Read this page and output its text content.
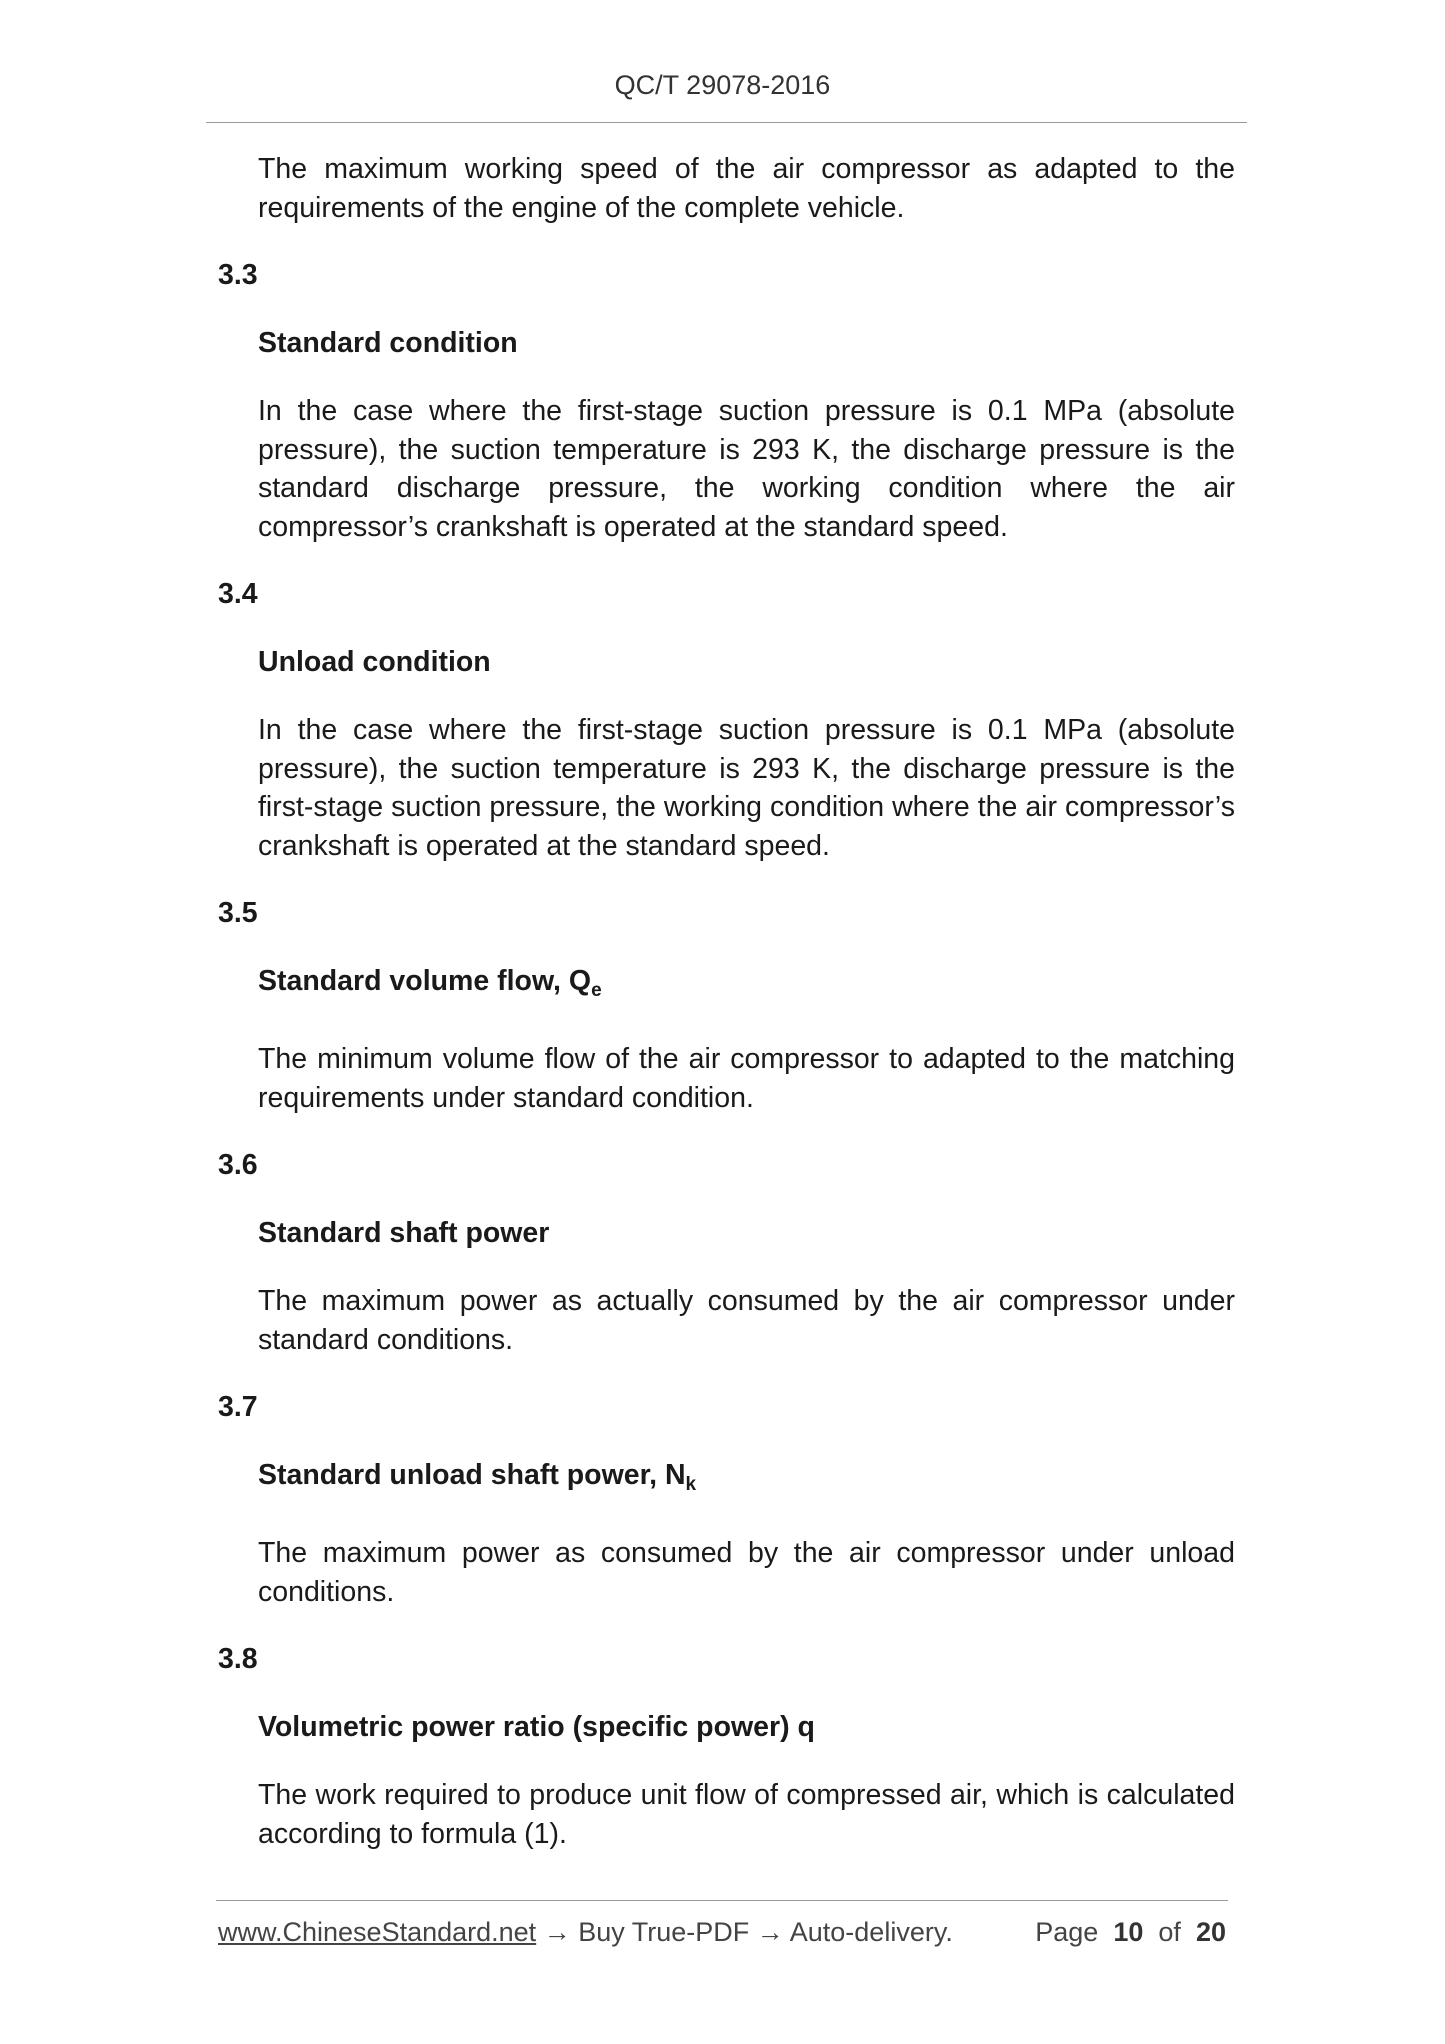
QC/T 29078-2016

The maximum working speed of the air compressor as adapted to the requirements of the engine of the complete vehicle.

3.3
Standard condition

In the case where the first-stage suction pressure is 0.1 MPa (absolute pressure), the suction temperature is 293 K, the discharge pressure is the standard discharge pressure, the working condition where the air compressor’s crankshaft is operated at the standard speed.

3.4
Unload condition

In the case where the first-stage suction pressure is 0.1 MPa (absolute pressure), the suction temperature is 293 K, the discharge pressure is the first-stage suction pressure, the working condition where the air compressor’s crankshaft is operated at the standard speed.

3.5
Standard volume flow, $Q_e$

The minimum volume flow of the air compressor to adapted to the matching requirements under standard condition.

3.6
Standard shaft power

The maximum power as actually consumed by the air compressor under standard conditions.

3.7
Standard unload shaft power, $N_k$

The maximum power as consumed by the air compressor under unload conditions.

3.8
Volumetric power ratio (specific power) q

The work required to produce unit flow of compressed air, which is calculated according to formula (1).

www.ChineseStandard.net → Buy True-PDF → Auto-delivery.	Page 10 of 20
